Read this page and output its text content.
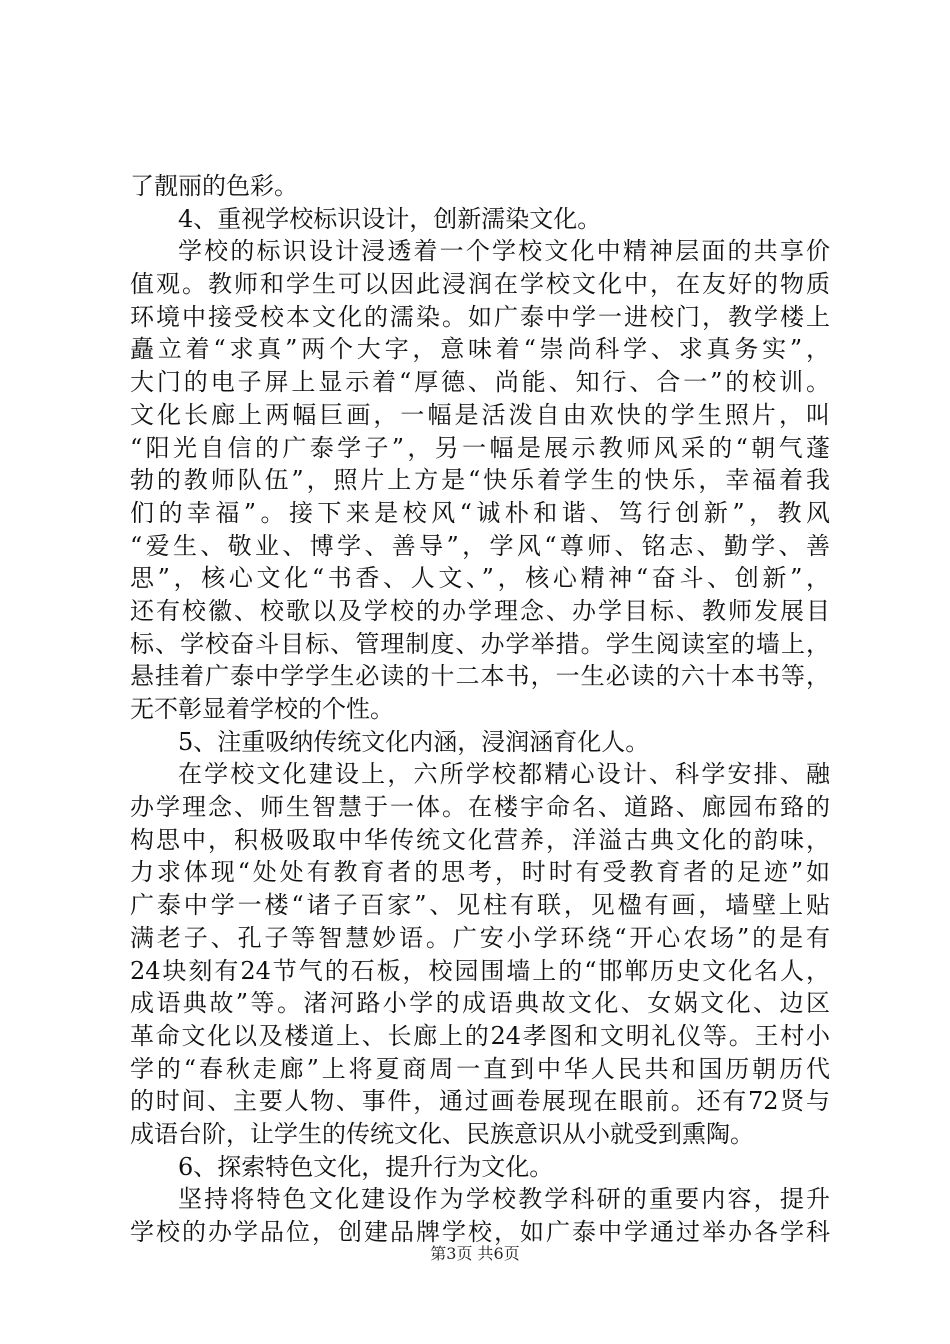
了靓丽的色彩。
4、重视学校标识设计，创新濡染文化。
学校的标识设计浸透着一个学校文化中精神层面的共享价
值观。教师和学生可以因此浸润在学校文化中，在友好的物质
环境中接受校本文化的濡染。如广泰中学一进校门，教学楼上
矗立着“求真”两个大字，意味着“崇尚科学、求真务实”，
大门的电子屏上显示着“厚德、尚能、知行、合一”的校训。
文化长廊上两幅巨画，一幅是活泼自由欢快的学生照片，叫
“阳光自信的广泰学子”，另一幅是展示教师风采的“朝气蓬
勃的教师队伍”，照片上方是“快乐着学生的快乐，幸福着我
们的幸福”。接下来是校风“诚朴和谐、笃行创新”，教风
“爱生、敬业、博学、善导”，学风“尊师、铭志、勤学、善
思”，核心文化“书香、人文、”，核心精神“奋斗、创新”，
还有校徽、校歌以及学校的办学理念、办学目标、教师发展目
标、学校奋斗目标、管理制度、办学举措。学生阅读室的墙上，
悬挂着广泰中学学生必读的十二本书，一生必读的六十本书等，
无不彰显着学校的个性。
5、注重吸纳传统文化内涵，浸润涵育化人。
在学校文化建设上，六所学校都精心设计、科学安排、融
办学理念、师生智慧于一体。在楼宇命名、道路、廊园布臵的
构思中，积极吸取中华传统文化营养，洋溢古典文化的韵味，
力求体现“处处有教育者的思考，时时有受教育者的足迹”如
广泰中学一楼“诸子百家”、见柱有联，见楹有画，墙壁上贴
满老子、孔子等智慧妙语。广安小学环绕“开心农场”的是有
24块刻有24节气的石板，校园围墙上的“邯郸历史文化名人，
成语典故”等。渚河路小学的成语典故文化、女娲文化、边区
革命文化以及楼道上、长廊上的24孝图和文明礼仪等。王村小
学的“春秋走廊”上将夏商周一直到中华人民共和国历朝历代
的时间、主要人物、事件，通过画卷展现在眼前。还有72贤与
成语台阶，让学生的传统文化、民族意识从小就受到熏陶。
6、探索特色文化，提升行为文化。
坚持将特色文化建设作为学校教学科研的重要内容，提升
学校的办学品位，创建品牌学校，如广泰中学通过举办各学科
第3页 共6页
